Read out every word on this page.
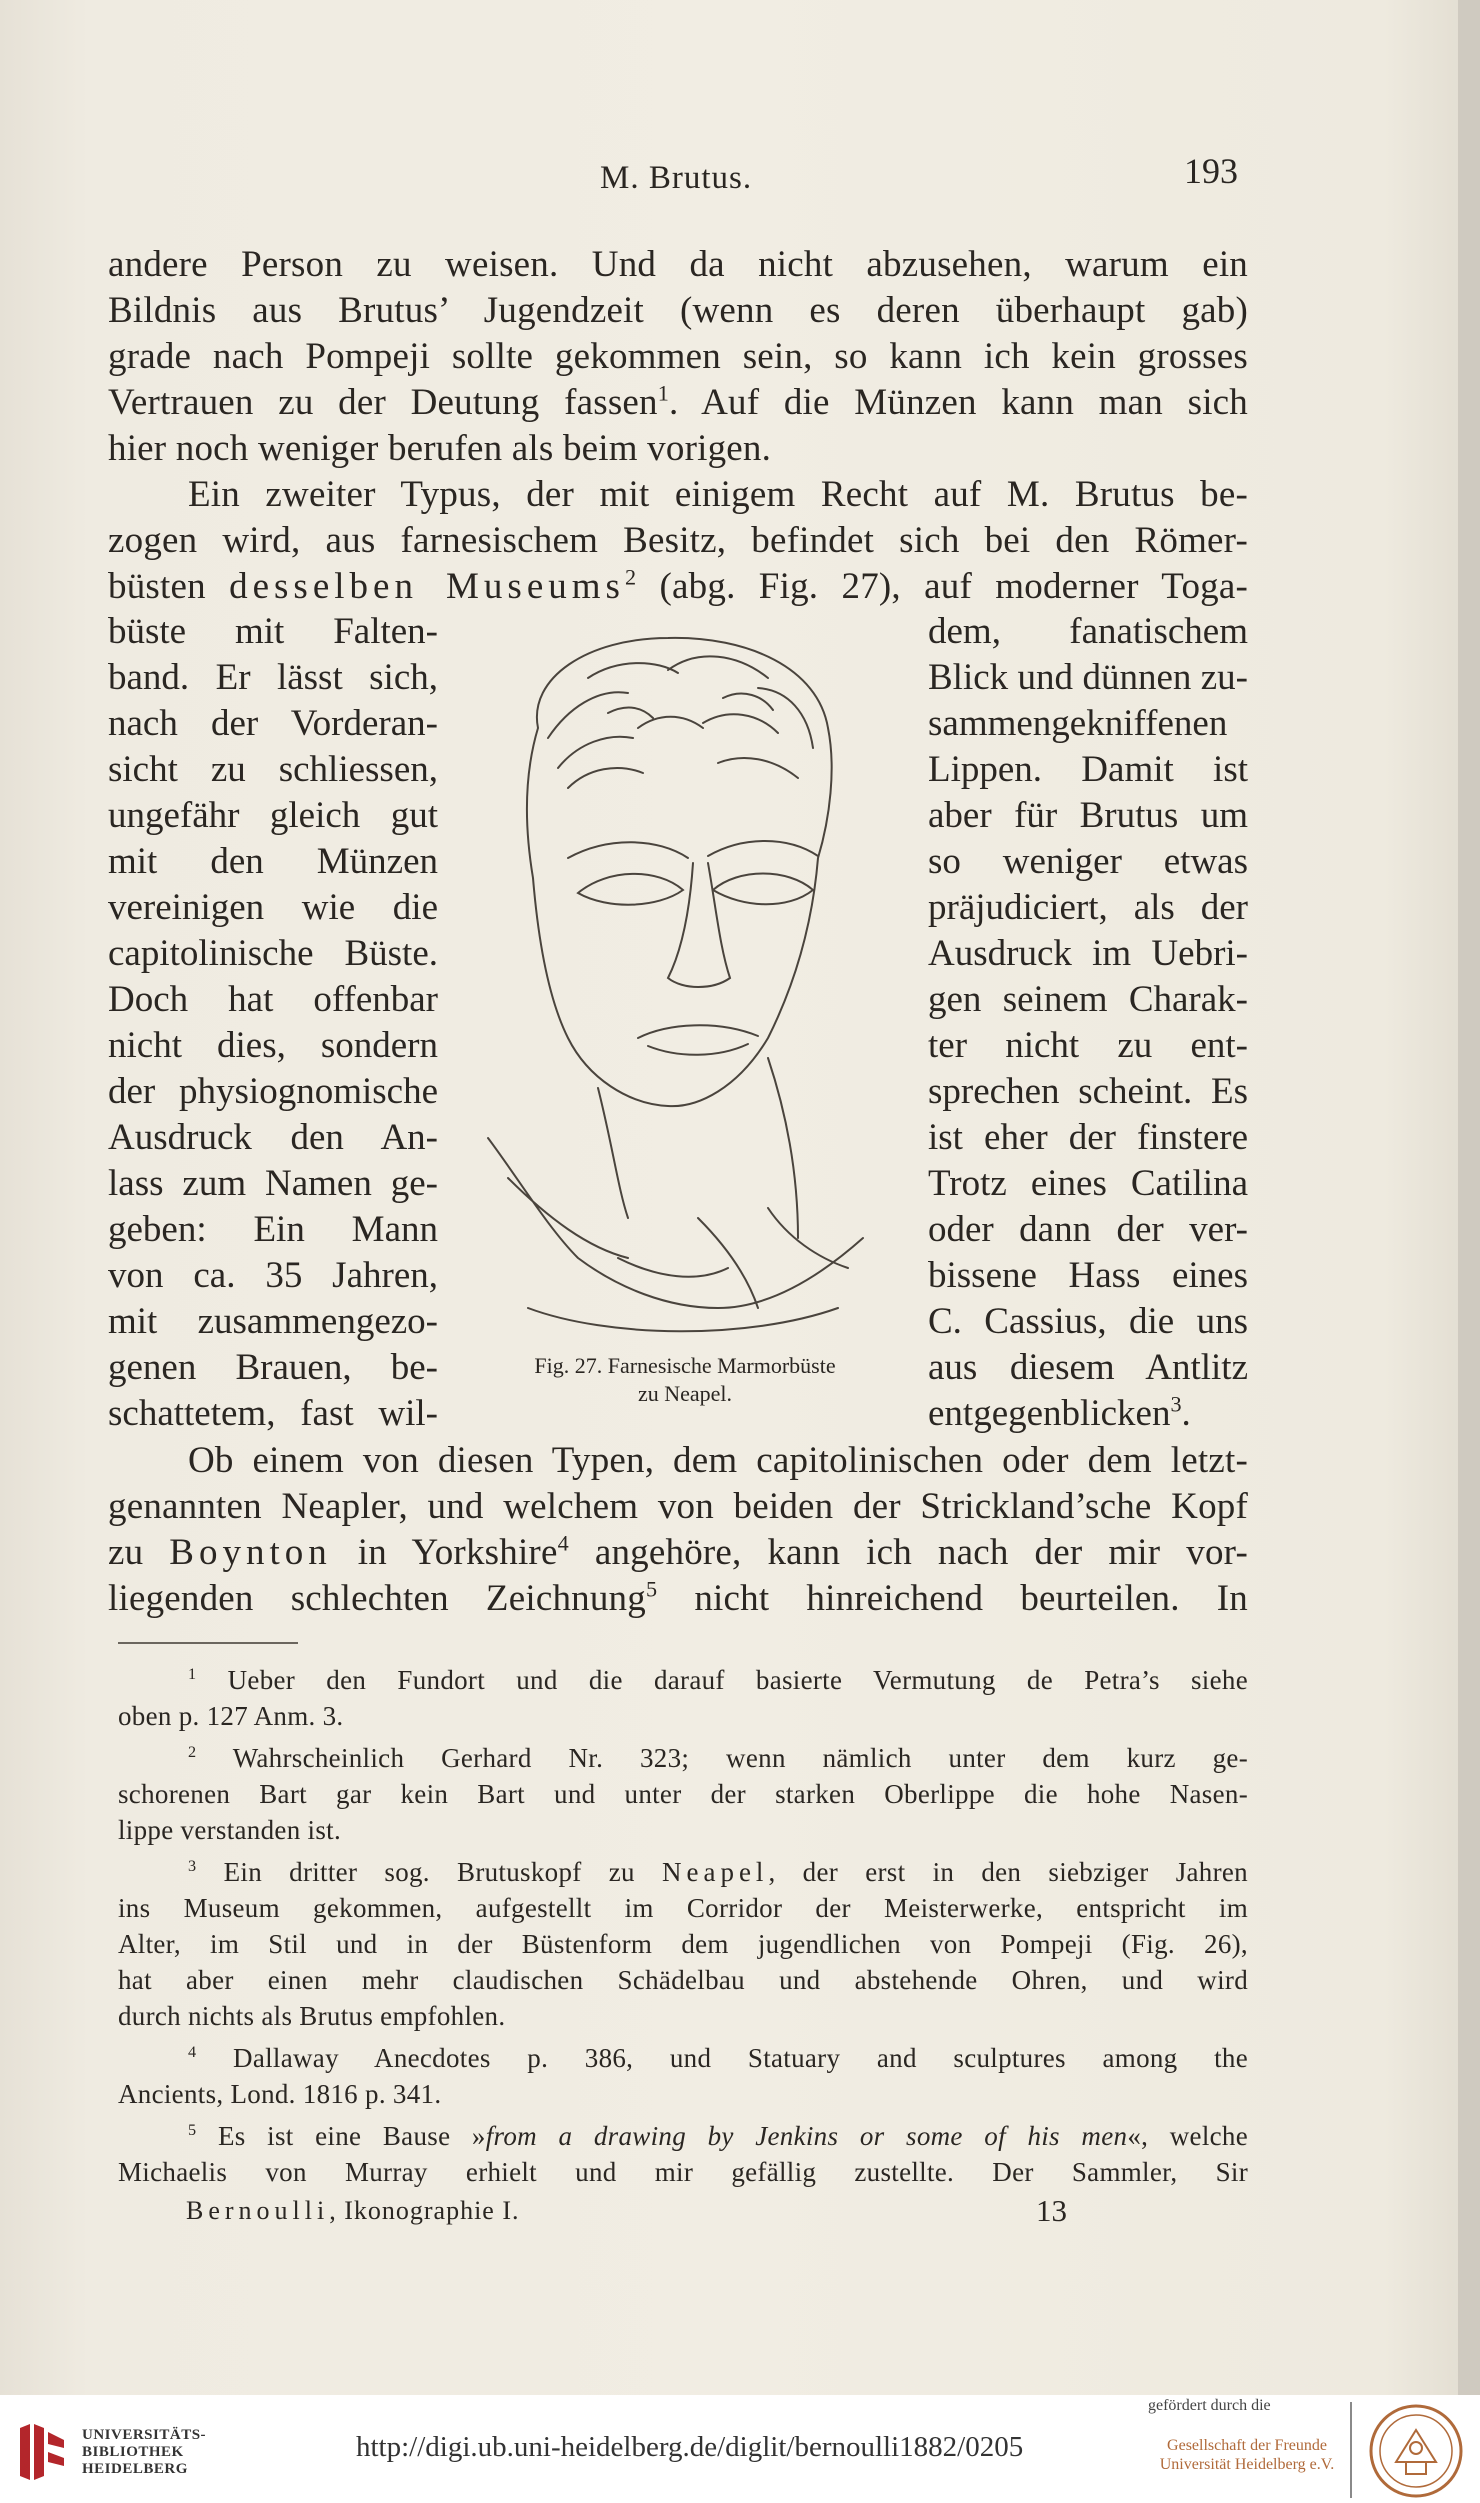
M. Brutus.	193
andere Person zu weisen. Und da nicht abzusehen, warum ein
Bildnis aus Brutus’ Jugendzeit (wenn es deren überhaupt gab)
grade nach Pompeji sollte gekommen sein, so kann ich kein grosses
Vertrauen zu der Deutung fassen$^1$. Auf die Münzen kann man sich
hier noch weniger berufen als beim vorigen.
Ein zweiter Typus, der mit einigem Recht auf M. Brutus be-
zogen wird, aus farnesischem Besitz, befindet sich bei den Römer-
büsten desselben Museums$^2$ (abg. Fig. 27), auf moderner Toga-
büste mit Falten-
band. Er lässt sich,
nach der Vorderan-
sicht zu schliessen,
ungefähr gleich gut
mit den Münzen
vereinigen wie die
capitolinische Büste.
Doch hat offenbar
nicht dies, sondern
der physiognomische
Ausdruck den An-
lass zum Namen ge-
geben: Ein Mann
von ca. 35 Jahren,
mit zusammengezo-
genen Brauen, be-
schattetem, fast wil-
dem, fanatischem
Blick und dünnen zu-
sammengekniffenen
Lippen. Damit ist
aber für Brutus um
so weniger etwas
präjudiciert, als der
Ausdruck im Uebri-
gen seinem Charak-
ter nicht zu ent-
sprechen scheint. Es
ist eher der finstere
Trotz eines Catilina
oder dann der ver-
bissene Hass eines
C. Cassius, die uns
aus diesem Antlitz
entgegenblicken$^3$.
Fig. 27. Farnesische Marmorbüste
zu Neapel.
Ob einem von diesen Typen, dem capitolinischen oder dem letzt-
genannten Neapler, und welchem von beiden der Strickland’sche Kopf
zu Boynton in Yorkshire$^4$ angehöre, kann ich nach der mir vor-
liegenden schlechten Zeichnung$^5$ nicht hinreichend beurteilen. In
$^1$ Ueber den Fundort und die darauf basierte Vermutung de Petra’s siehe
oben p. 127 Anm. 3.
$^2$ Wahrscheinlich Gerhard Nr. 323; wenn nämlich unter dem kurz ge-
schorenen Bart gar kein Bart und unter der starken Oberlippe die hohe Nasen-
lippe verstanden ist.
$^3$ Ein dritter sog. Brutuskopf zu Neapel, der erst in den siebziger Jahren
ins Museum gekommen, aufgestellt im Corridor der Meisterwerke, entspricht im
Alter, im Stil und in der Büstenform dem jugendlichen von Pompeji (Fig. 26),
hat aber einen mehr claudischen Schädelbau und abstehende Ohren, und wird
durch nichts als Brutus empfohlen.
$^4$ Dallaway Anecdotes p. 386, und Statuary and sculptures among the
Ancients, Lond. 1816 p. 341.
$^5$ Es ist eine Bause »from a drawing by Jenkins or some of his men«, welche
Michaelis von Murray erhielt und mir gefällig zustellte. Der Sammler, Sir
Bernoulli, Ikonographie I.	13
UNIVERSITÄTS-
BIBLIOTHEK
HEIDELBERG
http://digi.ub.uni-heidelberg.de/diglit/bernoulli1882/0205
gefördert durch die
Gesellschaft der Freunde
Universität Heidelberg e.V.
